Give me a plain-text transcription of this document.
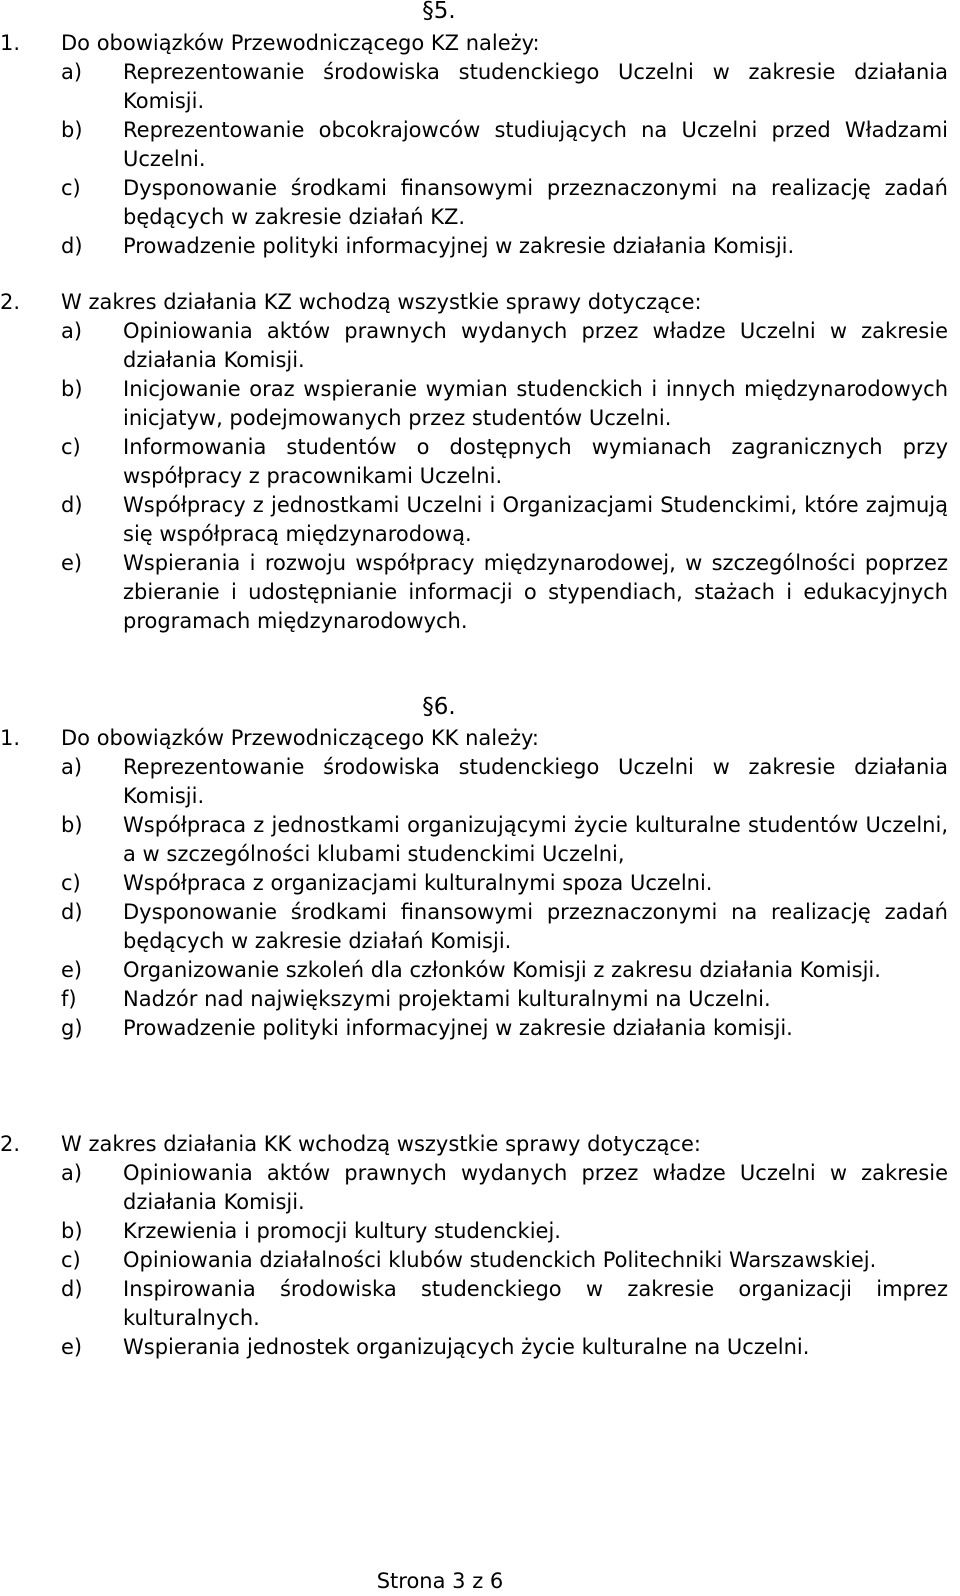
§5.
1. Do obowiązków Przewodniczącego KZ należy:
a) Reprezentowanie środowiska studenckiego Uczelni w zakresie działania Komisji.
b) Reprezentowanie obcokrajowców studiujących na Uczelni przed Władzami Uczelni.
c) Dysponowanie środkami finansowymi przeznaczonymi na realizację zadań będących w zakresie działań KZ.
d) Prowadzenie polityki informacyjnej w zakresie działania Komisji.
2. W zakres działania KZ wchodzą wszystkie sprawy dotyczące:
a) Opiniowania aktów prawnych wydanych przez władze Uczelni w zakresie działania Komisji.
b) Inicjowanie oraz wspieranie wymian studenckich i innych międzynarodowych inicjatyw, podejmowanych przez studentów Uczelni.
c) Informowania studentów o dostępnych wymianach zagranicznych przy współpracy z pracownikami Uczelni.
d) Współpracy z jednostkami Uczelni i Organizacjami Studenckimi, które zajmują się współpracą międzynarodową.
e) Wspierania i rozwoju współpracy międzynarodowej, w szczególności poprzez zbieranie i udostępnianie informacji o stypendiach, stażach i edukacyjnych programach międzynarodowych.
§6.
1. Do obowiązków Przewodniczącego KK należy:
a) Reprezentowanie środowiska studenckiego Uczelni w zakresie działania Komisji.
b) Współpraca z jednostkami organizującymi życie kulturalne studentów Uczelni, a w szczególności klubami studenckimi Uczelni,
c) Współpraca z organizacjami kulturalnymi spoza Uczelni.
d) Dysponowanie środkami finansowymi przeznaczonymi na realizację zadań będących w zakresie działań Komisji.
e) Organizowanie szkoleń dla członków Komisji z zakresu działania Komisji.
f) Nadzór nad największymi projektami kulturalnymi na Uczelni.
g) Prowadzenie polityki informacyjnej w zakresie działania komisji.
2. W zakres działania KK wchodzą wszystkie sprawy dotyczące:
a) Opiniowania aktów prawnych wydanych przez władze Uczelni w zakresie działania Komisji.
b) Krzewienia i promocji kultury studenckiej.
c) Opiniowania działalności klubów studenckich Politechniki Warszawskiej.
d) Inspirowania środowiska studenckiego w zakresie organizacji imprez kulturalnych.
e) Wspierania jednostek organizujących życie kulturalne na Uczelni.
Strona 3 z 6
